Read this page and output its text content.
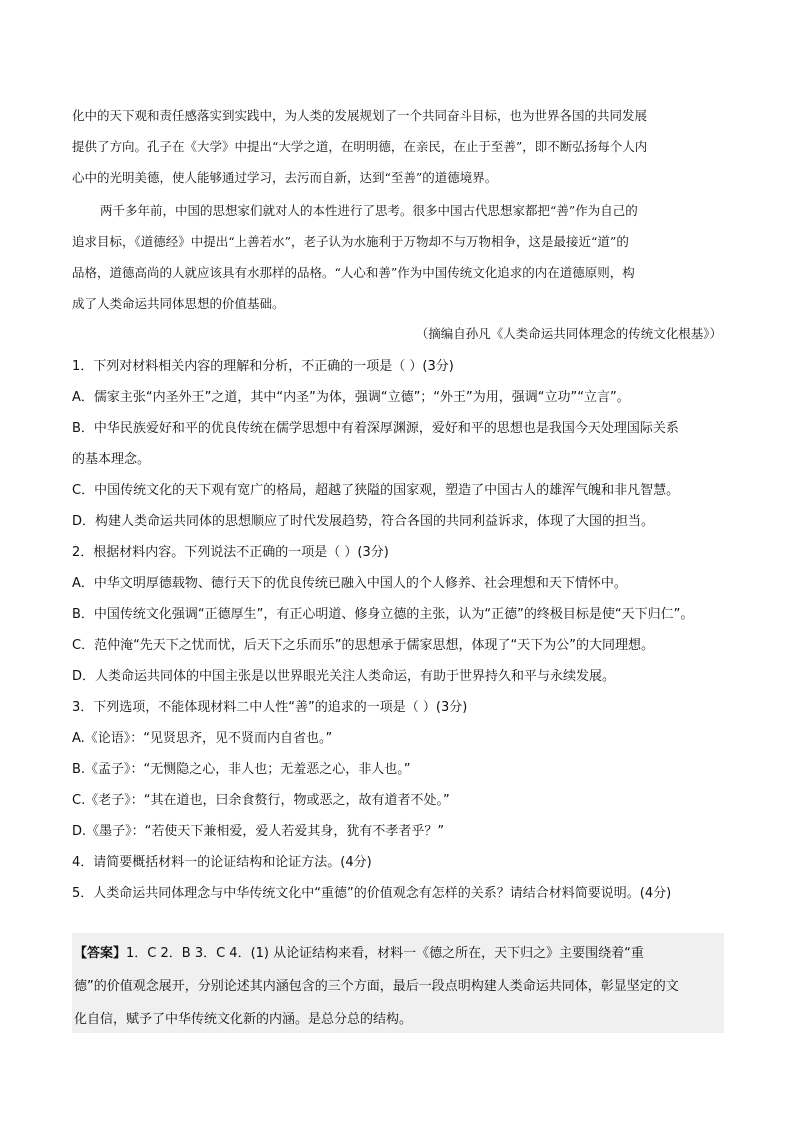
化中的天下观和责任感落实到实践中，为人类的发展规划了一个共同奋斗目标，也为世界各国的共同发展
提供了方向。孔子在《大学》中提出“大学之道，在明明德，在亲民，在止于至善”，即不断弘扬每个人内
心中的光明美德，使人能够通过学习，去污而自新，达到“至善”的道德境界。
两千多年前，中国的思想家们就对人的本性进行了思考。很多中国古代思想家都把“善”作为自己的
追求目标，《道德经》中提出“上善若水”，老子认为水施利于万物却不与万物相争，这是最接近“道”的
品格，道德高尚的人就应该具有水那样的品格。“人心和善”作为中国传统文化追求的内在道德原则，构
成了人类命运共同体思想的价值基础。
（摘编自孙凡《人类命运共同体理念的传统文化根基》）
1．下列对材料相关内容的理解和分析，不正确的一项是（ ）(3分)
A．儒家主张“内圣外王”之道，其中“内圣”为体，强调“立德”；“外王”为用，强调“立功”“立言”。
B．中华民族爱好和平的优良传统在儒学思想中有着深厚渊源，爱好和平的思想也是我国今天处理国际关系
的基本理念。
C．中国传统文化的天下观有宽广的格局，超越了狭隘的国家观，塑造了中国古人的雄浑气魄和非凡智慧。
D．构建人类命运共同体的思想顺应了时代发展趋势，符合各国的共同利益诉求，体现了大国的担当。
2．根据材料内容。下列说法不正确的一项是（ ）(3分)
A．中华文明厚德载物、德行天下的优良传统已融入中国人的个人修养、社会理想和天下情怀中。
B．中国传统文化强调“正德厚生”，有正心明道、修身立德的主张，认为“正德”的终极目标是使“天下归仁”。
C．范仲淹“先天下之忧而忧，后天下之乐而乐”的思想承于儒家思想，体现了“天下为公”的大同理想。
D．人类命运共同体的中国主张是以世界眼光关注人类命运，有助于世界持久和平与永续发展。
3．下列选项，不能体现材料二中人性“善”的追求的一项是（ ）(3分)
A.《论语》：“见贤思齐，见不贤而内自省也。”
B.《孟子》：“无恻隐之心，非人也；无羞恶之心，非人也。”
C.《老子》：“其在道也，曰余食赘行，物或恶之，故有道者不处。”
D.《墨子》：“若使天下兼相爱，爱人若爱其身，犹有不孝者乎？”
4．请简要概括材料一的论证结构和论证方法。(4分)
5．人类命运共同体理念与中华传统文化中“重德”的价值观念有怎样的关系？请结合材料简要说明。(4分)
【答案】1．C 2．B 3．C 4．(1) 从论证结构来看，材料一《德之所在，天下归之》主要围绕着“重
德”的价值观念展开，分别论述其内涵包含的三个方面，最后一段点明构建人类命运共同体，彰显坚定的文
化自信，赋予了中华传统文化新的内涵。是总分总的结构。
